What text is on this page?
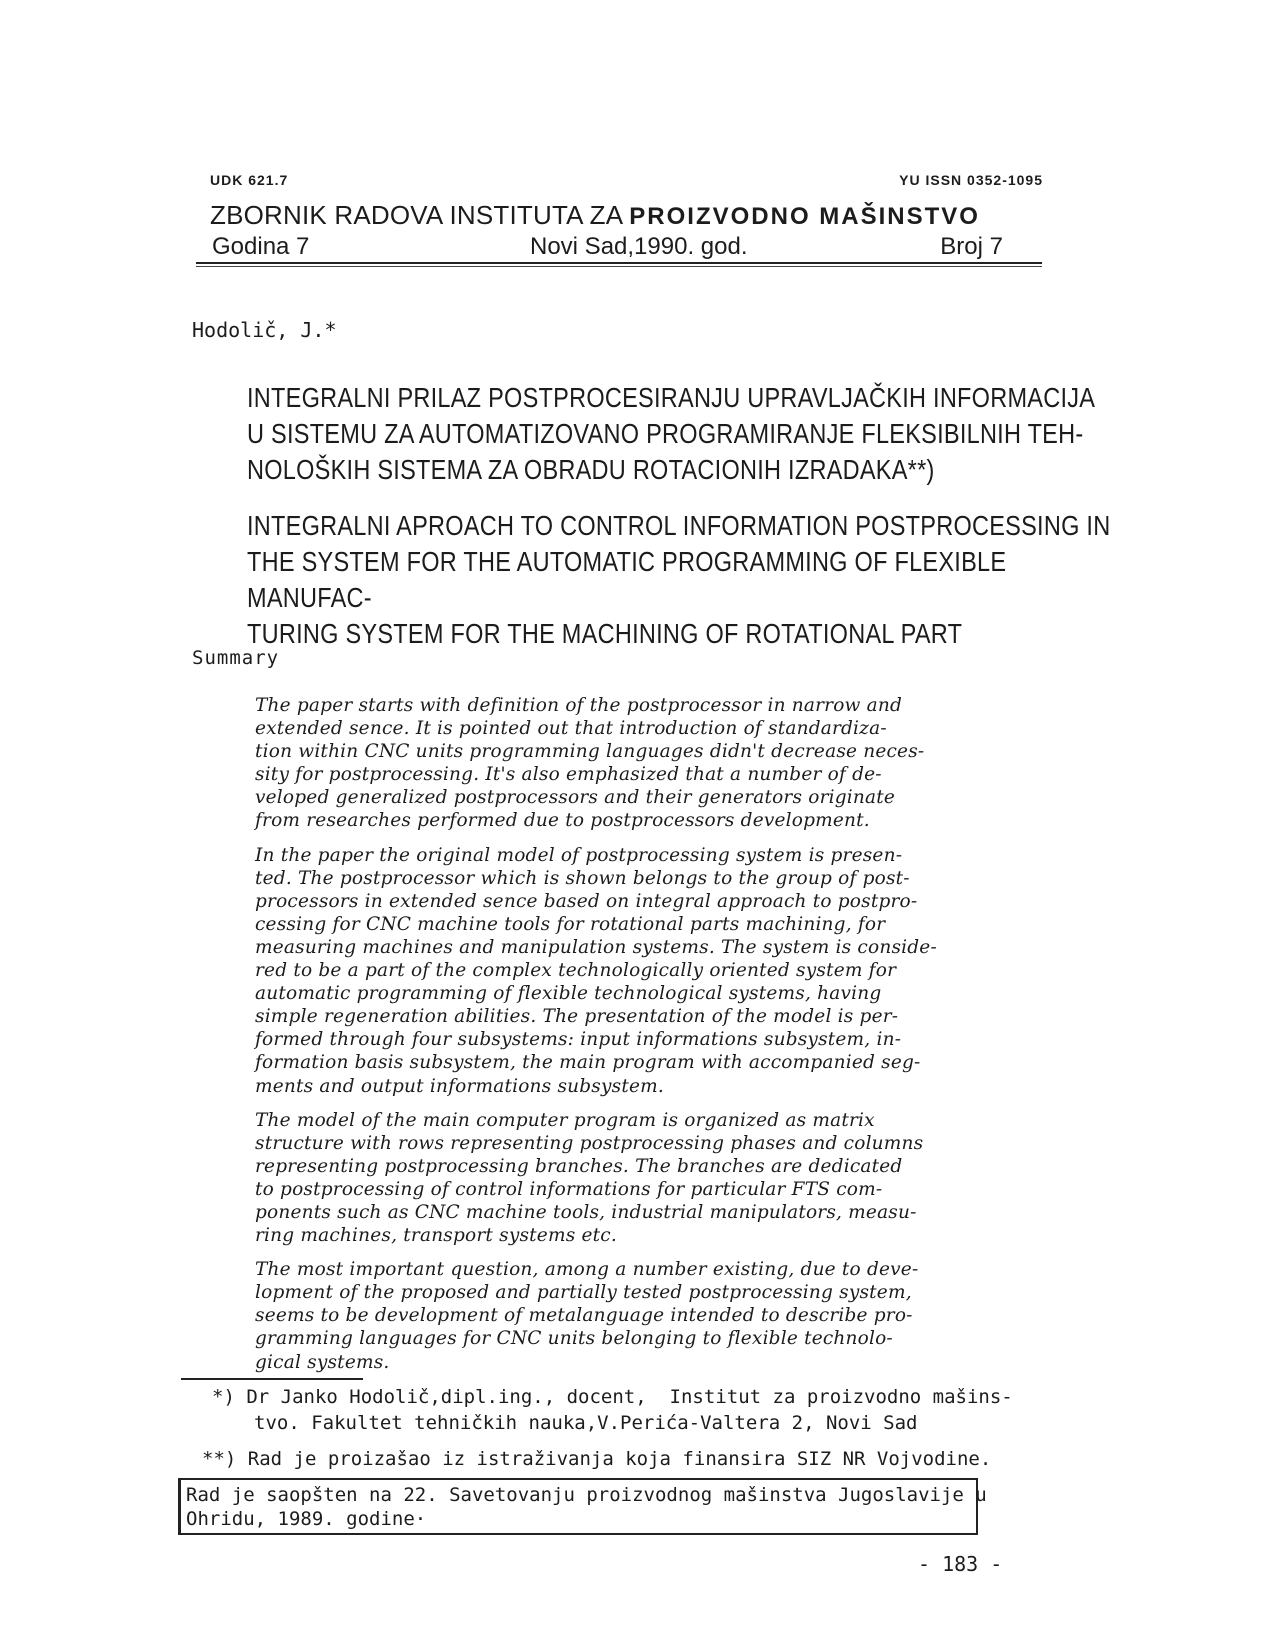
UDK 621.7	YU ISSN 0352-1095
ZBORNIK RADOVA INSTITUTA ZA PROIZVODNO MAŠINSTVO
Godina 7	Novi Sad,1990. god.	Broj 7
Hodolič, J.*
INTEGRALNI PRILAZ POSTPROCESIRANJU UPRAVLJAČKIH INFORMACIJA
U SISTEMU ZA AUTOMATIZOVANO PROGRAMIRANJE FLEKSIBILNIH TEH-
NOLOŠKIH SISTEMA ZA OBRADU ROTACIONIH IZRADAKA**)
INTEGRALNI APROACH TO CONTROL INFORMATION POSTPROCESSING IN
THE SYSTEM FOR THE AUTOMATIC PROGRAMMING OF FLEXIBLE MANUFAC-
TURING SYSTEM FOR THE MACHINING OF ROTATIONAL PART
Summary

The paper starts with definition of the postprocessor in narrow and
extended sence. It is pointed out that introduction of standardiza-
tion within CNC units programming languages didn't decrease neces-
sity for postprocessing. It's also emphasized that a number of de-
veloped generalized postprocessors and their generators originate
from researches performed due to postprocessors development.

In the paper the original model of postprocessing system is presen-
ted. The postprocessor which is shown belongs to the group of post-
processors in extended sence based on integral approach to postpro-
cessing for CNC machine tools for rotational parts machining, for
measuring machines and manipulation systems. The system is conside-
red to be a part of the complex technologically oriented system for
automatic programming of flexible technological systems, having
simple regeneration abilities. The presentation of the model is per-
formed through four subsystems: input informations subsystem, in-
formation basis subsystem, the main program with accompanied seg-
ments and output informations subsystem.

The model of the main computer program is organized as matrix
structure with rows representing postprocessing phases and columns
representing postprocessing branches. The branches are dedicated
to postprocessing of control informations for particular FTS com-
ponents such as CNC machine tools, industrial manipulators, measu-
ring machines, transport systems etc.

The most important question, among a number existing, due to deve-
lopment of the proposed and partially tested postprocessing system,
seems to be development of metalanguage intended to describe pro-
gramming languages for CNC units belonging to flexible technolo-
gical systems.

*) Dr Janko Hodolič,dipl.ing., docent,  Institut za proizvodno mašins-
tvo. Fakultet tehničkih nauka,V.Perića-Valtera 2, Novi Sad
**) Rad je proizašao iz istraživanja koja finansira SIZ NR Vojvodine.
Rad je saopšten na 22. Savetovanju proizvodnog mašinstva Jugoslavije u
Ohridu, 1989. godine·
- 183 -
